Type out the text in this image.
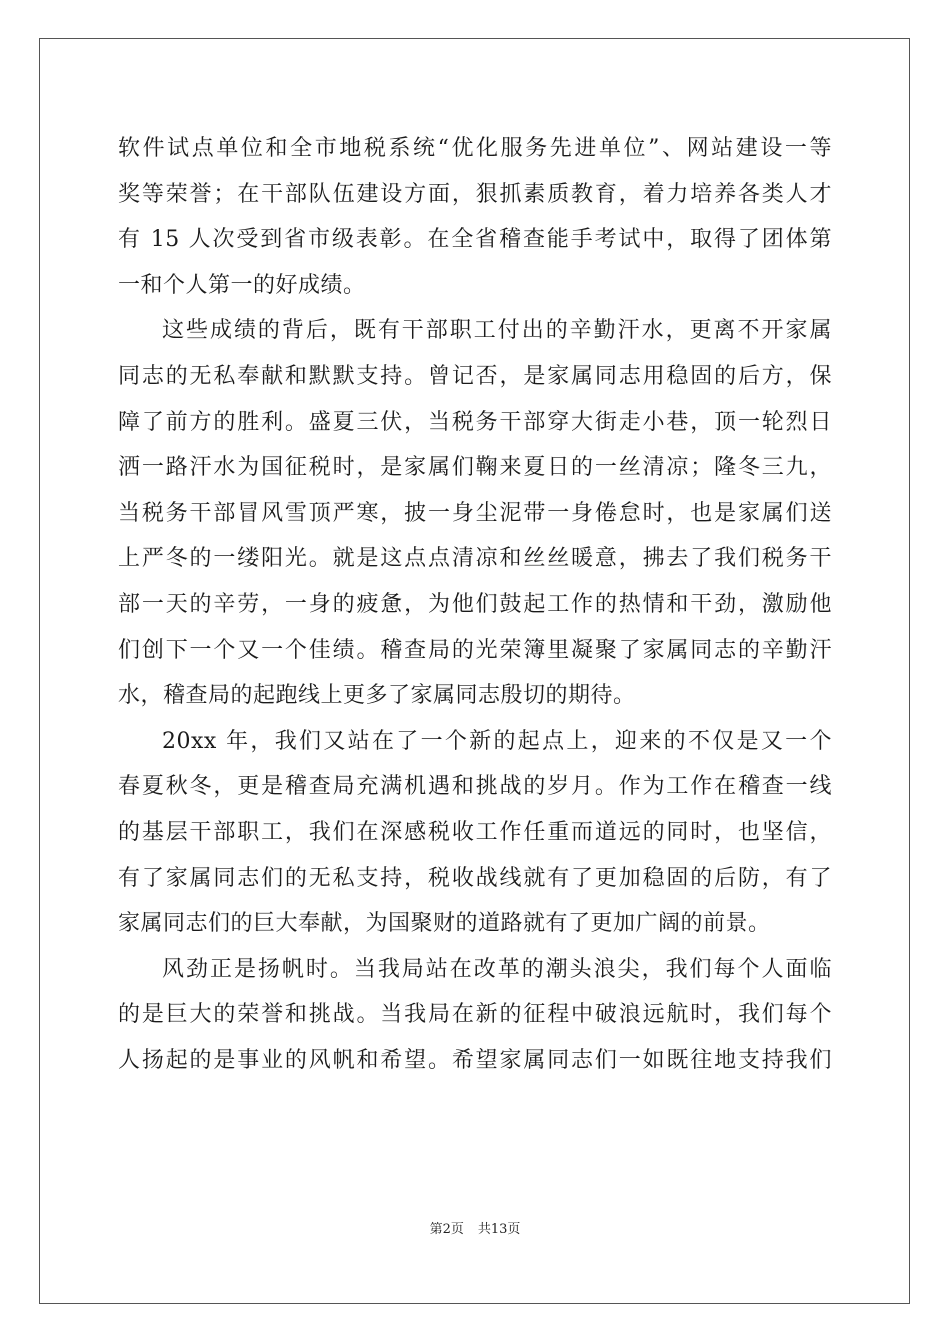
软件试点单位和全市地税系统“优化服务先进单位”、网站建设一等
奖等荣誉；在干部队伍建设方面，狠抓素质教育，着力培养各类人才
有 15 人次受到省市级表彰。在全省稽查能手考试中，取得了团体第
一和个人第一的好成绩。
这些成绩的背后，既有干部职工付出的辛勤汗水，更离不开家属
同志的无私奉献和默默支持。曾记否，是家属同志用稳固的后方，保
障了前方的胜利。盛夏三伏，当税务干部穿大街走小巷，顶一轮烈日
洒一路汗水为国征税时，是家属们鞠来夏日的一丝清凉；隆冬三九，
当税务干部冒风雪顶严寒，披一身尘泥带一身倦怠时，也是家属们送
上严冬的一缕阳光。就是这点点清凉和丝丝暖意，拂去了我们税务干
部一天的辛劳，一身的疲惫，为他们鼓起工作的热情和干劲，激励他
们创下一个又一个佳绩。稽查局的光荣簿里凝聚了家属同志的辛勤汗
水，稽查局的起跑线上更多了家属同志殷切的期待。
20xx 年，我们又站在了一个新的起点上，迎来的不仅是又一个
春夏秋冬，更是稽查局充满机遇和挑战的岁月。作为工作在稽查一线
的基层干部职工，我们在深感税收工作任重而道远的同时，也坚信，
有了家属同志们的无私支持，税收战线就有了更加稳固的后防，有了
家属同志们的巨大奉献，为国聚财的道路就有了更加广阔的前景。
风劲正是扬帆时。当我局站在改革的潮头浪尖，我们每个人面临
的是巨大的荣誉和挑战。当我局在新的征程中破浪远航时，我们每个
人扬起的是事业的风帆和希望。希望家属同志们一如既往地支持我们
第2页 共13页
